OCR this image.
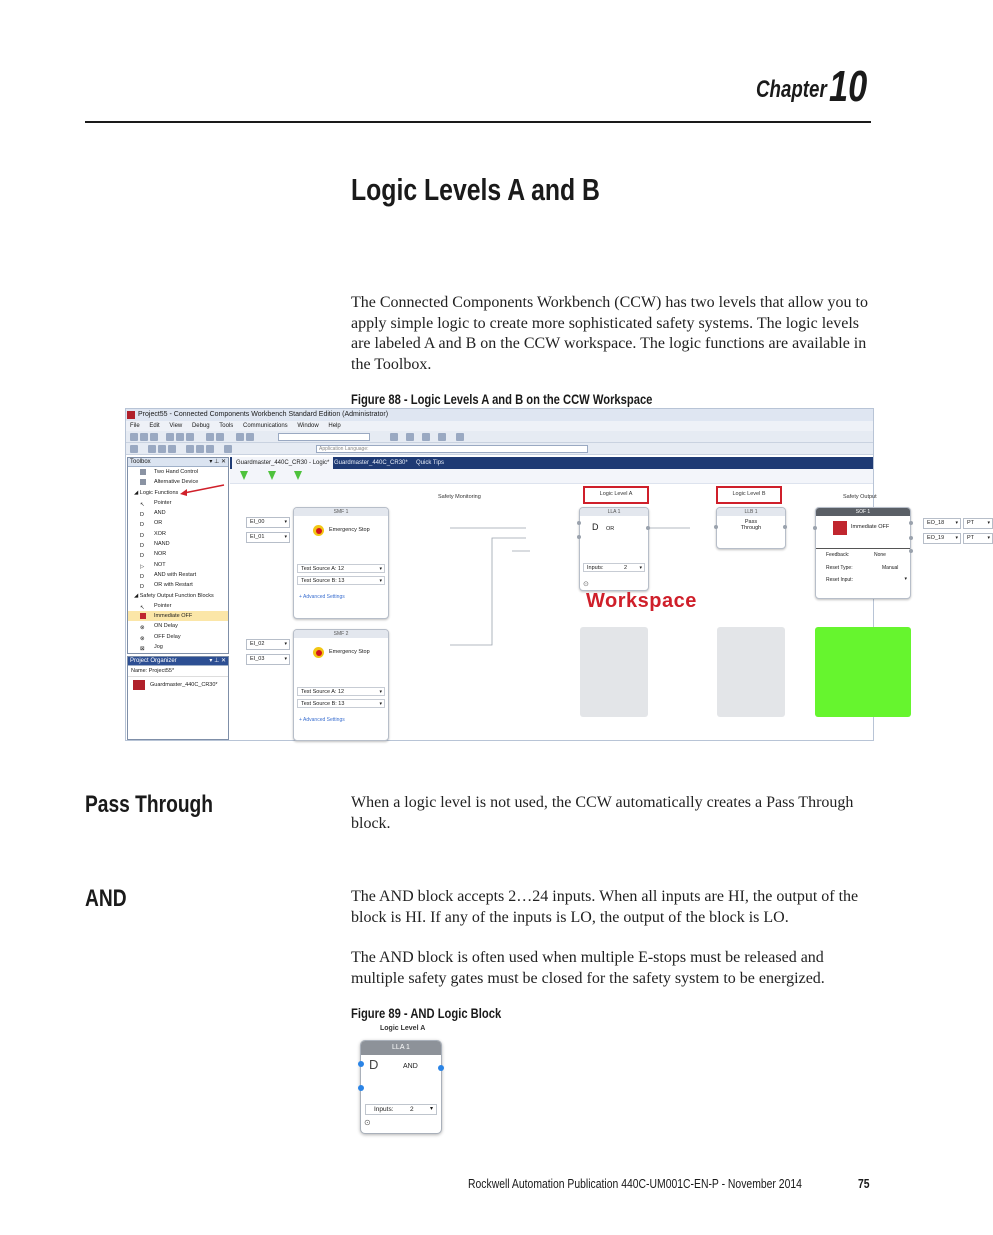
Chapter 10
Logic Levels A and B
The Connected Components Workbench (CCW) has two levels that allow you to apply simple logic to create more sophisticated safety systems. The logic levels are labeled A and B on the CCW workspace. The logic functions are available in the Toolbox.
Figure 88 - Logic Levels A and B on the CCW Workspace
Project55 - Connected Components Workbench Standard Edition (Administrator)
File Edit View Debug Tools Communications Window Help
Application Language:
Toolbox	▾ ⊥ ✕
Two Hand Control
Alternative Device
◢ Logic Functions
↖ Pointer
D	AND
D	OR
D	XOR
D	NAND
D	NOR
▷	NOT
D	AND with Restart
D	OR with Restart
◢ Safety Output Function Blocks
↖ Pointer
Immediate OFF
⊗ ON Delay
⊗ OFF Delay
⊠ Jog
Project Organizer	▾ ⊥ ✕
Name: Project55*
Guardmaster_440C_CR30*
Guardmaster_440C_CR30 - Logic* Guardmaster_440C_CR30*	Quick Tips
Safety Monitoring	Logic Level A	Logic Level B	Safety Output
EI_00	▾
EI_01	▾
SMF 1
Emergency Stop
Test Source A: 12	▾
Test Source B: 13	▾
+ Advanced Settings
EI_02	▾
EI_03	▾
SMF 2
Emergency Stop
Test Source A: 12	▾
Test Source B: 13	▾
+ Advanced Settings
LLA 1
D OR
Inputs:	2 ▾
⊙
LLB 1
Pass Through
SOF 1
Immediate OFF
Feedback:	None
Reset Type:	Manual
Reset Input:	▾
EO_18 ▾
EO_19 ▾
PT	▾
PT	▾
Workspace
Pass Through	When a logic level is not used, the CCW automatically creates a Pass Through block.
AND	The AND block accepts 2…24 inputs. When all inputs are HI, the output of the block is HI. If any of the inputs is LO, the output of the block is LO.
The AND block is often used when multiple E-stops must be released and multiple safety gates must be closed for the safety system to be energized.
Figure 89 - AND Logic Block
Logic Level A
LLA 1
D	AND
Inputs:	2	▾
⊙
Rockwell Automation Publication 440C-UM001C-EN-P - November 2014	75
